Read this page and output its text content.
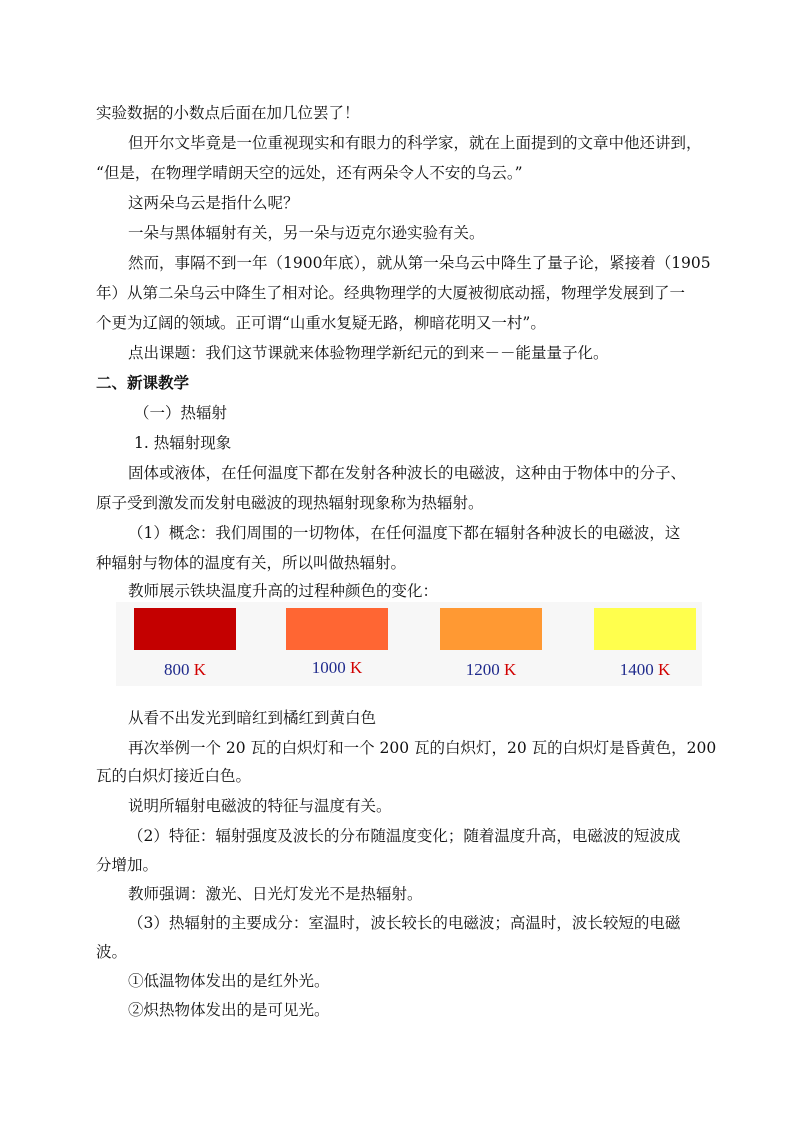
实验数据的小数点后面在加几位罢了！
但开尔文毕竟是一位重视现实和有眼力的科学家，就在上面提到的文章中他还讲到，
“但是，在物理学晴朗天空的远处，还有两朵令人不安的乌云。”
这两朵乌云是指什么呢？
一朵与黑体辐射有关，另一朵与迈克尔逊实验有关。
然而，事隔不到一年（1900年底），就从第一朵乌云中降生了量子论，紧接着（1905
年）从第二朵乌云中降生了相对论。经典物理学的大厦被彻底动摇，物理学发展到了一
个更为辽阔的领域。正可谓“山重水复疑无路，柳暗花明又一村”。
点出课题：我们这节课就来体验物理学新纪元的到来－－能量量子化。
二、新课教学
（一）热辐射
1. 热辐射现象
固体或液体，在任何温度下都在发射各种波长的电磁波，这种由于物体中的分子、
原子受到激发而发射电磁波的现热辐射现象称为热辐射。
（1）概念：我们周围的一切物体，在任何温度下都在辐射各种波长的电磁波，这
种辐射与物体的温度有关，所以叫做热辐射。
教师展示铁块温度升高的过程种颜色的变化：
800 K	1000 K	1200 K	1400 K
从看不出发光到暗红到橘红到黄白色
再次举例一个 20 瓦的白炽灯和一个 200 瓦的白炽灯，20 瓦的白炽灯是昏黄色，200
瓦的白炽灯接近白色。
说明所辐射电磁波的特征与温度有关。
（2）特征：辐射强度及波长的分布随温度变化；随着温度升高，电磁波的短波成
分增加。
教师强调：激光、日光灯发光不是热辐射。
（3）热辐射的主要成分：室温时，波长较长的电磁波；高温时，波长较短的电磁
波。
①低温物体发出的是红外光。
②炽热物体发出的是可见光。
